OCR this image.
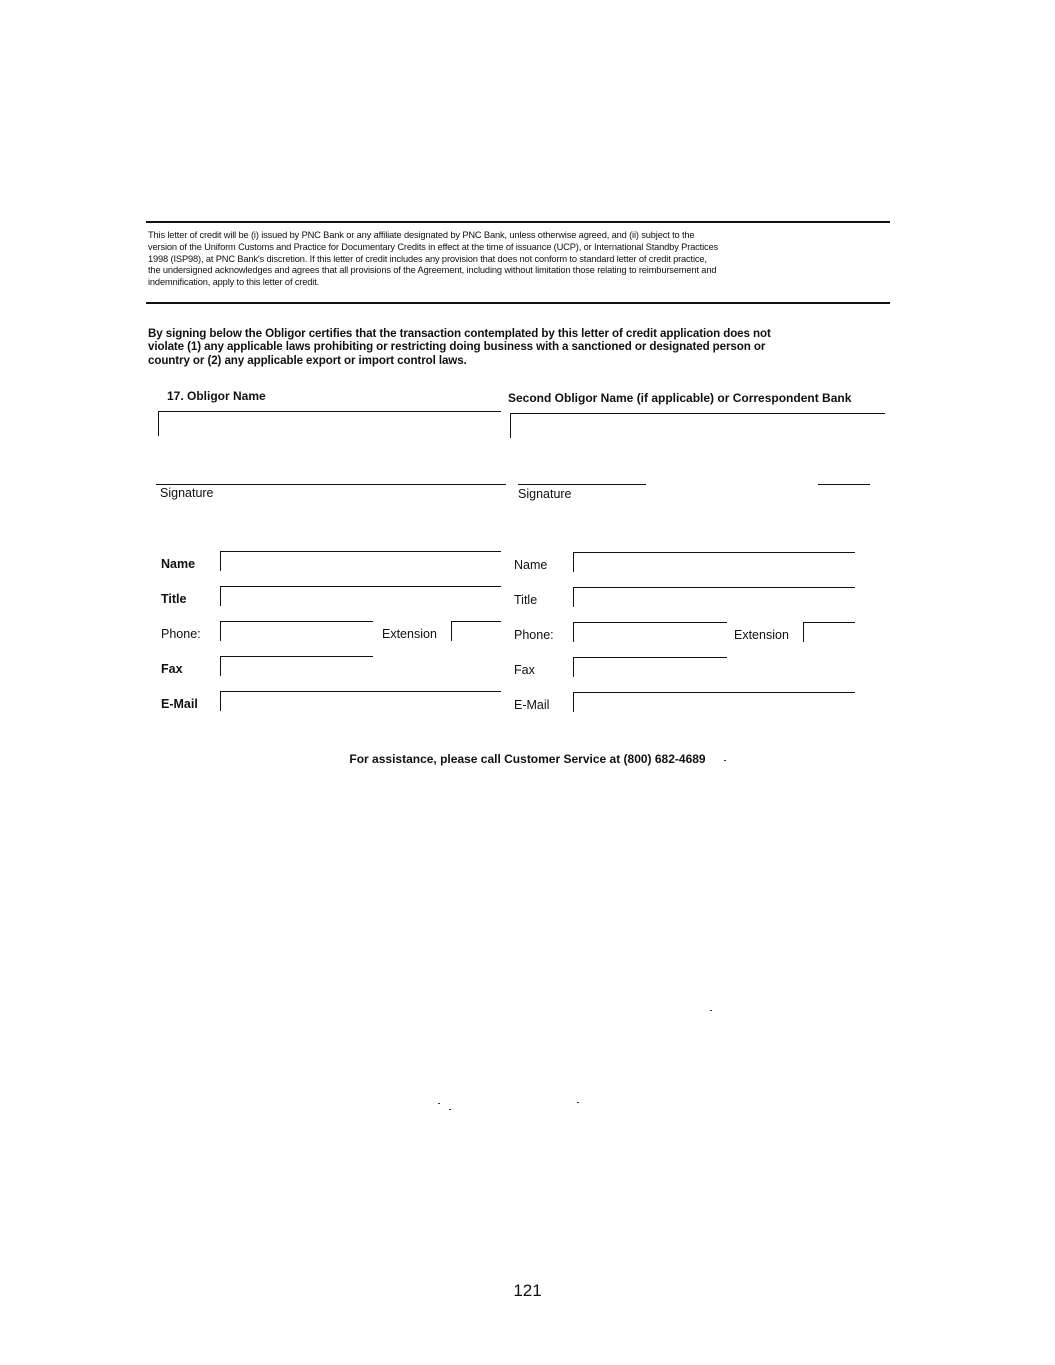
This letter of credit will be (i) issued by PNC Bank or any affiliate designated by PNC Bank, unless otherwise agreed, and (ii) subject to the
version of the Uniform Customs and Practice for Documentary Credits in effect at the time of issuance (UCP), or International Standby Practices
1998 (ISP98), at PNC Bank's discretion. If this letter of credit includes any provision that does not conform to standard letter of credit practice,
the undersigned acknowledges and agrees that all provisions of the Agreement, including without limitation those relating to reimbursement and
indemnification, apply to this letter of credit.
By signing below the Obligor certifies that the transaction contemplated by this letter of credit application does not
violate (1) any applicable laws prohibiting or restricting doing business with a sanctioned or designated person or
country or (2) any applicable export or import control laws.
17. Obligor Name	Second Obligor Name (if applicable) or Correspondent Bank
Signature	Signature
Name
Title
Phone:	Extension
Fax
E-Mail
Name
Title
Phone:	Extension
Fax
E-Mail
For assistance, please call Customer Service at (800) 682-4689
121
